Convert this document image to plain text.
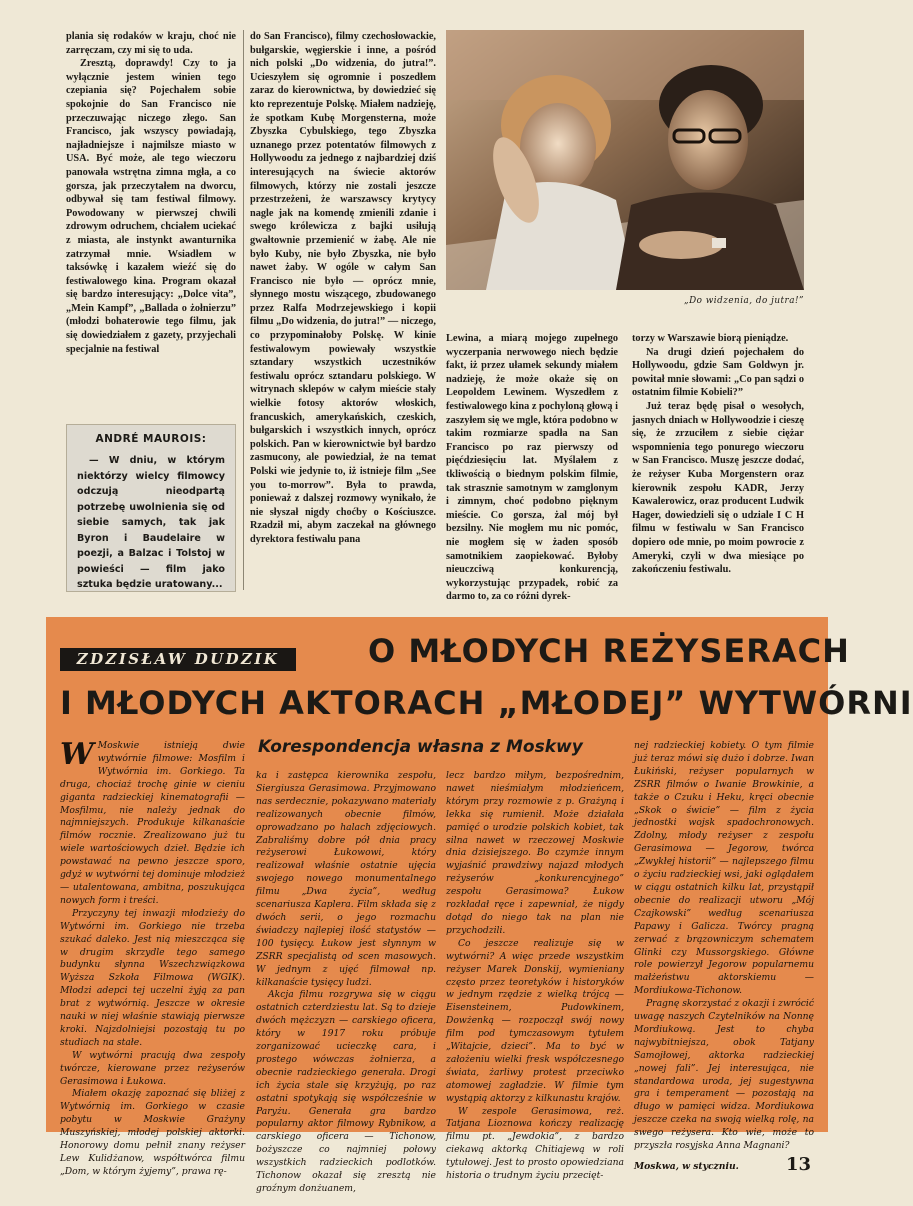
plania się rodaków w kraju, choć nie zarręczam, czy mi się to uda.

Zresztą, doprawdy! Czy to ja wyłącznie jestem winien tego czepiania się? Pojechałem sobie spokojnie do San Francisco nie przeczuwając niczego złego. San Francisco, jak wszyscy powiadają, najładniejsze i najmilsze miasto w USA. Być może, ale tego wieczoru panowała wstrętna zimna mgła, a co gorsza, jak przeczytałem na dworcu, odbywał się tam festiwal filmowy. Powodowany w pierwszej chwili zdrowym odruchem, chciałem uciekać z miasta, ale instynkt awanturnika zatrzymał mnie. Wsiadłem w taksówkę i kazałem wieźć się do festiwalowego kina. Program okazał się bardzo interesujący: „Dolce vita”, „Mein Kampf”, „Ballada o żołnierzu” (młodzi bohaterowie tego filmu, jak się dowiedziałem z gazety, przyjechali specjalnie na festiwal

ANDRÉ MAUROIS:
— W dniu, w którym niektórzy wielcy filmowcy odczują nieodpartą potrzebę uwolnienia się od siebie samych, tak jak Byron i Baudelaire w poezji, a Balzac i Tolstoj w powieści — film jako sztuka będzie uratowany...

do San Francisco), filmy czechosłowackie, bułgarskie, węgierskie i inne, a pośród nich polski „Do widzenia, do jutra!”. Ucieszyłem się ogromnie i poszedłem zaraz do kierownictwa, by dowiedzieć się kto reprezentuje Polskę. Miałem nadzieję, że spotkam Kubę Morgensterna, może Zbyszka Cybulskiego, tego Zbyszka uznanego przez potentatów filmowych z Hollywoodu za jednego z najbardziej dziś interesujących na świecie aktorów filmowych, którzy nie zostali jeszcze przestrzeżeni, że warszawscy krytycy nagle jak na komendę zmienili zdanie i swego królewicza z bajki usiłują gwałtownie przemienić w żabę. Ale nie było Kuby, nie było Zbyszka, nie było nawet żaby. W ogóle w całym San Francisco nie było — oprócz mnie, słynnego mostu wiszącego, zbudowanego przez Ralfa Modrzejewskiego i kopii filmu „Do widzenia, do jutra!” — niczego, co przypominałoby Polskę. W kinie festiwalowym powiewały wszystkie sztandary wszystkich uczestników festiwalu oprócz sztandaru polskiego. W witrynach sklepów w całym mieście stały wielkie fotosy aktorów włoskich, francuskich, amerykańskich, czeskich, bułgarskich i wszystkich innych, oprócz polskich. Pan w kierownictwie był bardzo zasmucony, ale powiedział, że na temat Polski wie jedynie to, iż istnieje film „See you to-morrow”. Była to prawda, ponieważ z dalszej rozmowy wynikało, że nie słyszał nigdy choćby o Kościuszce. Rzadził mi, abym zaczekał na głównego dyrektora festiwalu pana

„Do widzenia, do jutra!”

Lewina, a miarą mojego zupełnego wyczerpania nerwowego niech będzie fakt, iż przez ułamek sekundy miałem nadzieję, że może okaże się on Leopoldem Lewinem. Wyszedłem z festiwalowego kina z pochyloną głową i zaszyłem się we mgle, która podobno w takim rozmiarze spadła na San Francisco po raz pierwszy od pięćdziesięciu lat. Myślałem z tkliwością o biednym polskim filmie, tak strasznie samotnym w zamglonym i zimnym, choć podobno pięknym mieście. Co gorsza, żal mój był bezsilny. Nie mogłem mu nic pomóc, nie mogłem się w żaden sposób samotnikiem zaopiekować. Byłoby nieuczciwą konkurencją, wykorzystując przypadek, robić za darmo to, za co różni dyrek-

torzy w Warszawie biorą pieniądze.

Na drugi dzień pojechałem do Hollywoodu, gdzie Sam Goldwyn jr. powitał mnie słowami: „Co pan sądzi o ostatnim filmie Kobieli?”

Już teraz będę pisał o wesołych, jasnych dniach w Hollywoodzie i cieszę się, że zrzuciłem z siebie ciężar wspomnienia tego ponurego wieczoru w San Francisco. Muszę jeszcze dodać, że reżyser Kuba Morgenstern oraz kierownik zespołu KADR, Jerzy Kawalerowicz, oraz producent Ludwik Hager, dowiedzieli się o udziale I C H filmu w festiwalu w San Francisco dopiero ode mnie, po moim powrocie z Ameryki, czyli w dwa miesiące po zakończeniu festiwalu.

ZDZISŁAW DUDZIK	O MŁODYCH REŻYSERACH
I MŁODYCH AKTORACH „MŁODEJ” WYTWÓRNI
Korespondencja własna z Moskwy

W Moskwie istnieją dwie wytwórnie filmowe: Mosfilm i Wytwórnia im. Gorkiego. Ta druga, chociaż trochę ginie w cieniu giganta radzieckiej kinematografii — Mosfilmu, nie należy jednak do najmniejszych. Produkuje kilkanaście filmów rocznie. Zrealizowano już tu wiele wartościowych dzieł. Będzie ich powstawać na pewno jeszcze sporo, gdyż w wytwórni tej dominuje młodzież — utalentowana, ambitna, poszukująca nowych form i treści.

Przyczyny tej inwazji młodzieży do Wytwórni im. Gorkiego nie trzeba szukać daleko. Jest nią mieszcząca się w drugim skrzydle tego samego budynku słynna Wszechzwiązkowa Wyższa Szkoła Filmowa (WGIK). Młodzi adepci tej uczelni żyją za pan brat z wytwórnią. Jeszcze w okresie nauki w niej właśnie stawiają pierwsze kroki. Najzdolniejsi pozostają tu po studiach na stałe.

W wytwórni pracują dwa zespoły twórcze, kierowane przez reżyserów Gerasimowa i Łukowa.

Miałem okazję zapoznać się bliżej z Wytwórnią im. Gorkiego w czasie pobytu w Moskwie Grażyny Muszyńskiej, młodej polskiej aktorki. Honorowy domu pełnił znany reżyser Lew Kulidżanow, współtwórca filmu „Dom, w którym żyjemy”, prawa rę-

ka i zastępca kierownika zespołu, Siergiusza Gerasimowa. Przyjmowano nas serdecznie, pokazywano materiały realizowanych obecnie filmów, oprowadzano po halach zdjęciowych. Zabraliśmy dobre pół dnia pracy reżyserowi Łukowowi, który realizował właśnie ostatnie ujęcia swojego nowego monumentalnego filmu „Dwa życia”, według scenariusza Kaplera. Film składa się z dwóch serii, o jego rozmachu świadczy najlepiej ilość statystów — 100 tysięcy. Łukow jest słynnym w ZSRR specjalistą od scen masowych. W jednym z ujęć filmował np. kilkanaście tysięcy ludzi.

Akcja filmu rozgrywa się w ciągu ostatnich czterdziestu lat. Są to dzieje dwóch mężczyzn — carskiego oficera, który w 1917 roku próbuje zorganizować ucieczkę cara, i prostego wówczas żołnierza, a obecnie radzieckiego generała. Drogi ich życia stale się krzyżują, po raz ostatni spotykają się współcześnie w Paryżu. Generała gra bardzo popularny aktor filmowy Rybnikow, a carskiego oficera — Tichonow, bożyszcze co najmniej połowy wszystkich radzieckich podlotków. Tichonow okazał się zresztą nie groźnym donżuanem,

lecz bardzo miłym, bezpośrednim, nawet nieśmiałym młodzieńcem, którym przy rozmowie z p. Grażyną i lekka się rumienił. Może działała pamięć o urodzie polskich kobiet, tak silna nawet w rzeczowej Moskwie dnia dzisiejszego. Bo czymże innym wyjaśnić prawdziwy najazd młodych reżyserów „konkurencyjnego” zespołu Gerasimowa? Łukow rozkładał ręce i zapewniał, że nigdy dotąd do niego tak na plan nie przychodzili.

Co jeszcze realizuje się w wytwórni? A więc przede wszystkim reżyser Marek Donskij, wymieniany często przez teoretyków i historyków w jednym rzędzie z wielką trójcą — Eisensteinem, Pudowkinem, Dowżenką — rozpoczął swój nowy film pod tymczasowym tytułem „Witajcie, dzieci”. Ma to być w założeniu wielki fresk współczesnego świata, żarliwy protest przeciwko atomowej zagładzie. W filmie tym wystąpią aktorzy z kilkunastu krajów.

W zespole Gerasimowa, reż. Tatjana Lioznowa kończy realizację filmu pt. „Jewdokia”, z bardzo ciekawą aktorką Chitiajewą w roli tytułowej. Jest to prosto opowiedziana historia o trudnym życiu przecięt-

nej radzieckiej kobiety. O tym filmie już teraz mówi się dużo i dobrze. Iwan Łukiński, reżyser popularnych w ZSRR filmów o Iwanie Browkinie, a także o Czuku i Heku, kręci obecnie „Skok o świcie” — film z życia jednostki wojsk spadochronowych. Zdolny, młody reżyser z zespołu Gerasimowa — Jegorow, twórca „Zwykłej historii” — najlepszego filmu o życiu radzieckiej wsi, jaki oglądałem w ciągu ostatnich kilku lat, przystąpił obecnie do realizacji utworu „Mój Czajkowski” według scenariusza Papawy i Galicza. Twórcy pragną zerwać z brązowniczym schematem Glinki czy Mussorgskiego. Główne role powierzył Jegorow popularnemu małżeństwu aktorskiemu — Mordiukowa-Tichonow.

Pragnę skorzystać z okazji i zwrócić uwagę naszych Czytelników na Nonnę Mordiukową. Jest to chyba najwybitniejsza, obok Tatjany Samojłowej, aktorka radzieckiej „nowej fali”. Jej interesująca, nie standardowa uroda, jej sugestywna gra i temperament — pozostają na długo w pamięci widza. Mordiukowa jeszcze czeka na swoją wielką rolę, na swego reżysera. Kto wie, może to przyszła rosyjska Anna Magnani?

Moskwa, w styczniu.	13
